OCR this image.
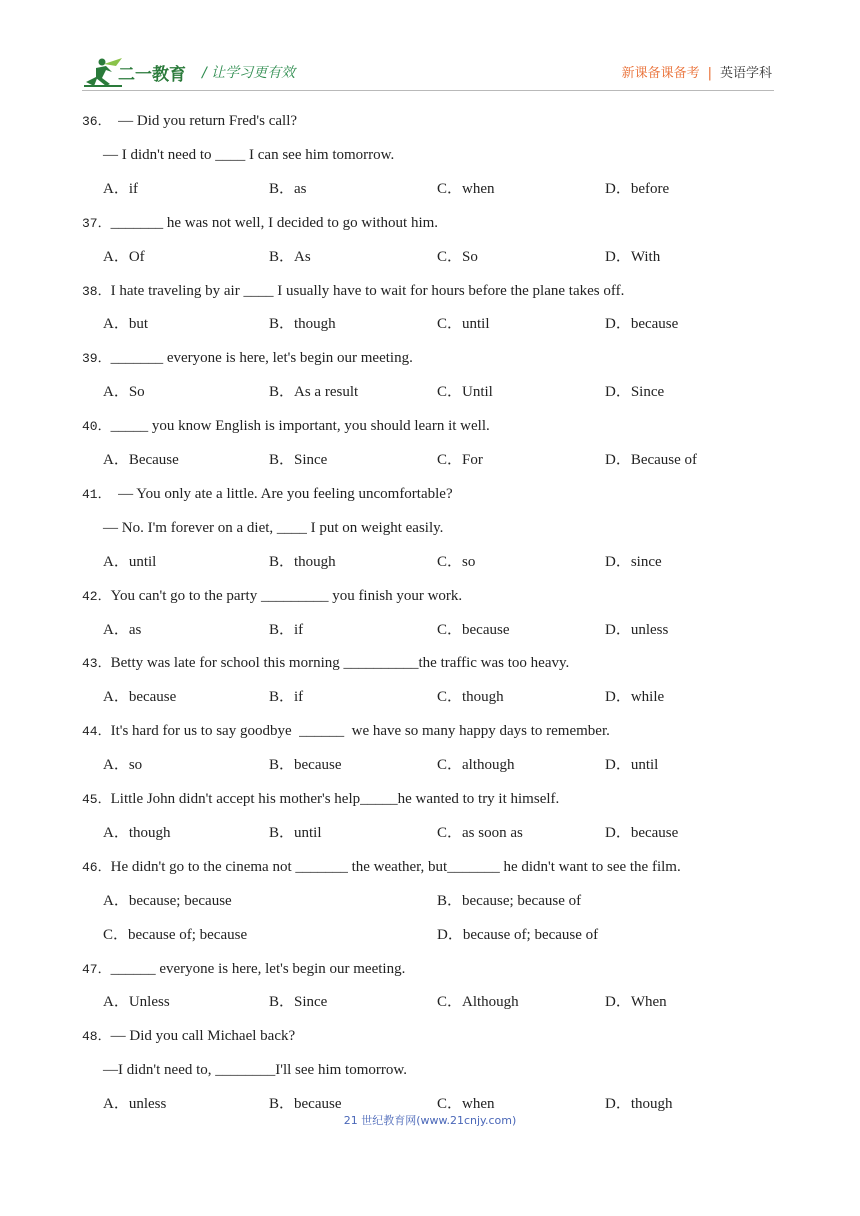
二一教育 / 让学习更有效	新课备课备考 | 英语学科
36．  — Did you return Fred's call?
— I didn't need to ____ I can see him tomorrow.
A．if	B．as	C．when	D．before
37．_______ he was not well, I decided to go without him.
A．Of	B．As	C．So	D．With
38．I hate traveling by air ____ I usually have to wait for hours before the plane takes off.
A．but	B．though	C．until	D．because
39．_______ everyone is here, let's begin our meeting.
A．So	B．As a result	C．Until	D．Since
40．_____ you know English is important, you should learn it well.
A．Because	B．Since	C．For	D．Because of
41．  — You only ate a little. Are you feeling uncomfortable?
— No. I'm forever on a diet, ____ I put on weight easily.
A．until	B．though	C．so	D．since
42．You can't go to the party _________ you finish your work.
A．as	B．if	C．because	D．unless
43．Betty was late for school this morning __________the traffic was too heavy.
A．because	B．if	C．though	D．while
44．It's hard for us to say goodbye  ______  we have so many happy days to remember.
A．so	B．because	C．although	D．until
45．Little John didn't accept his mother's help_____he wanted to try it himself.
A．though	B．until	C．as soon as	D．because
46．He didn't go to the cinema not _______ the weather, but_______ he didn't want to see the film.
A．because; because	B．because; because of
C．because of; because	D．because of; because of
47．______ everyone is here, let's begin our meeting.
A．Unless	B．Since	C．Although	D．When
48．— Did you call Michael back?
—I didn't need to, ________I'll see him tomorrow.
A．unless	B．because	C．when	D．though
21 世纪教育网(www.21cnjy.com)
